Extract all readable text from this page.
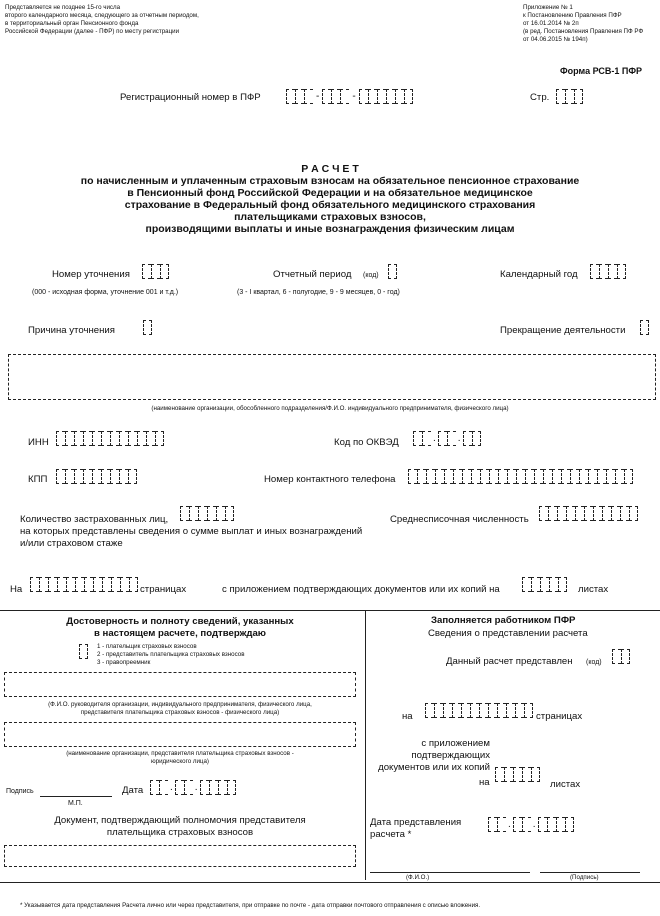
Представляется не позднее 15-го числа
второго календарного месяца, следующего за отчетным периодом,
в территориальный орган Пенсионного фонда
Российской Федерации (далее - ПФР) по месту регистрации
Приложение № 1
к Постановлению Правления ПФР
от 16.01.2014 № 2п
(в ред. Постановления Правления ПФ РФ
от 04.06.2015 № 194п)
Форма РСВ-1 ПФР
Регистрационный номер в ПФР	-	-	Стр.
Р А С Ч Е Т
по начисленным и уплаченным страховым взносам на обязательное пенсионное страхование
в Пенсионный фонд Российской Федерации и на обязательное медицинское
страхование в Федеральный фонд обязательного медицинского страхования
плательщиками страховых взносов,
производящими выплаты и иные вознаграждения физическим лицам
Номер уточнения
(000 - исходная форма, уточнение 001 и т.д.)
Отчетный период (код)
(3 - I квартал, 6 - полугодие, 9 - 9 месяцев, 0 - год)
Календарный год
Причина уточнения	Прекращение деятельности
(наименование организации, обособленного подразделения/Ф.И.О. индивидуального предпринимателя, физического лица)
ИНН	Код по ОКВЭД	. .
КПП	Номер контактного телефона
Количество застрахованных лиц,
на которых представлены сведения о сумме выплат и иных вознаграждений
и/или страховом стаже
Среднесписочная численность
На	страницах	с приложением подтверждающих документов или их копий на	листах
Достоверность и полноту сведений, указанных
в настоящем расчете, подтверждаю
1 - плательщик страховых взносов
2 - представитель плательщика страховых взносов
3 - правопреемник
(Ф.И.О. руководителя организации, индивидуального предпринимателя, физического лица,
представителя плательщика страховых взносов - физического лица)
(наименование организации, представителя плательщика страховых взносов -
юридического лица)
Подпись
М.П.
Дата	. .
Документ, подтверждающий полномочия представителя
плательщика страховых взносов
Заполняется работником ПФР
Сведения о представлении расчета
Данный расчет представлен (код)
на	страницах
с приложением
подтверждающих
документов или их копий
на	листах
Дата представления
расчета *
. .
(Ф.И.О.)	(Подпись)
* Указывается дата представления Расчета лично или через представителя, при отправке по почте - дата отправки почтового отправления с описью вложения.
